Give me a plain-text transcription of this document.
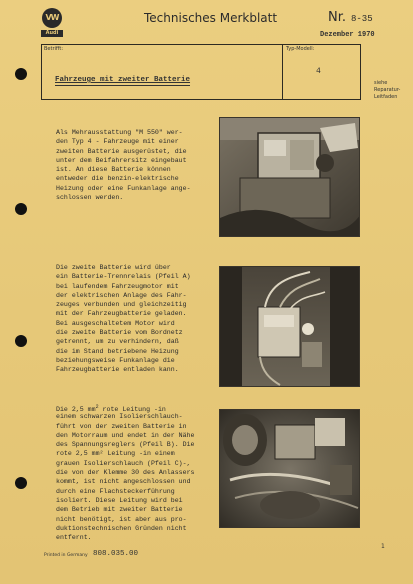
VW
Audi
Technisches Merkblatt	Nr. 8-35
Dezember 1970
Betrifft:	Typ-Modell:
Fahrzeuge mit zweiter Batterie
4
siehe Reparatur-Leitfaden
Als Mehrausstattung "M 550" wer-
den Typ 4 - Fahrzeuge mit einer
zweiten Batterie ausgerüstet, die
unter dem Beifahrersitz eingebaut
ist. An diese Batterie können
entweder die benzin-elektrische
Heizung oder eine Funkanlage ange-
schlossen werden.
Die zweite Batterie wird über
ein Batterie-Trennrelais (Pfeil A)
bei laufendem Fahrzeugmotor mit
der elektrischen Anlage des Fahr-
zeuges verbunden und gleichzeitig
mit der Fahrzeugbatterie geladen.
Bei ausgeschaltetem Motor wird
die zweite Batterie vom Bordnetz
getrennt, um zu verhindern, daß
die im Stand betriebene Heizung
beziehungsweise Funkanlage die
Fahrzeugbatterie entladen kann.
Die 2,5 $mm^2$ rote Leitung -in
einem schwarzen Isolierschlauch-
führt von der zweiten Batterie in
den Motorraum und endet in der Nähe
des Spannungsreglers (Pfeil B). Die
rote 2,5 mm² Leitung -in einem
grauen Isolierschlauch (Pfeil C)-,
die von der Klemme 30 des Anlassers
kommt, ist nicht angeschlossen und
durch eine Flachsteckerführung
isoliert. Diese Leitung wird bei
dem Betrieb mit zweiter Batterie
nicht benötigt, ist aber aus pro-
duktionstechnischen Gründen nicht
entfernt.
Printed in Germany 808.035.00
1
